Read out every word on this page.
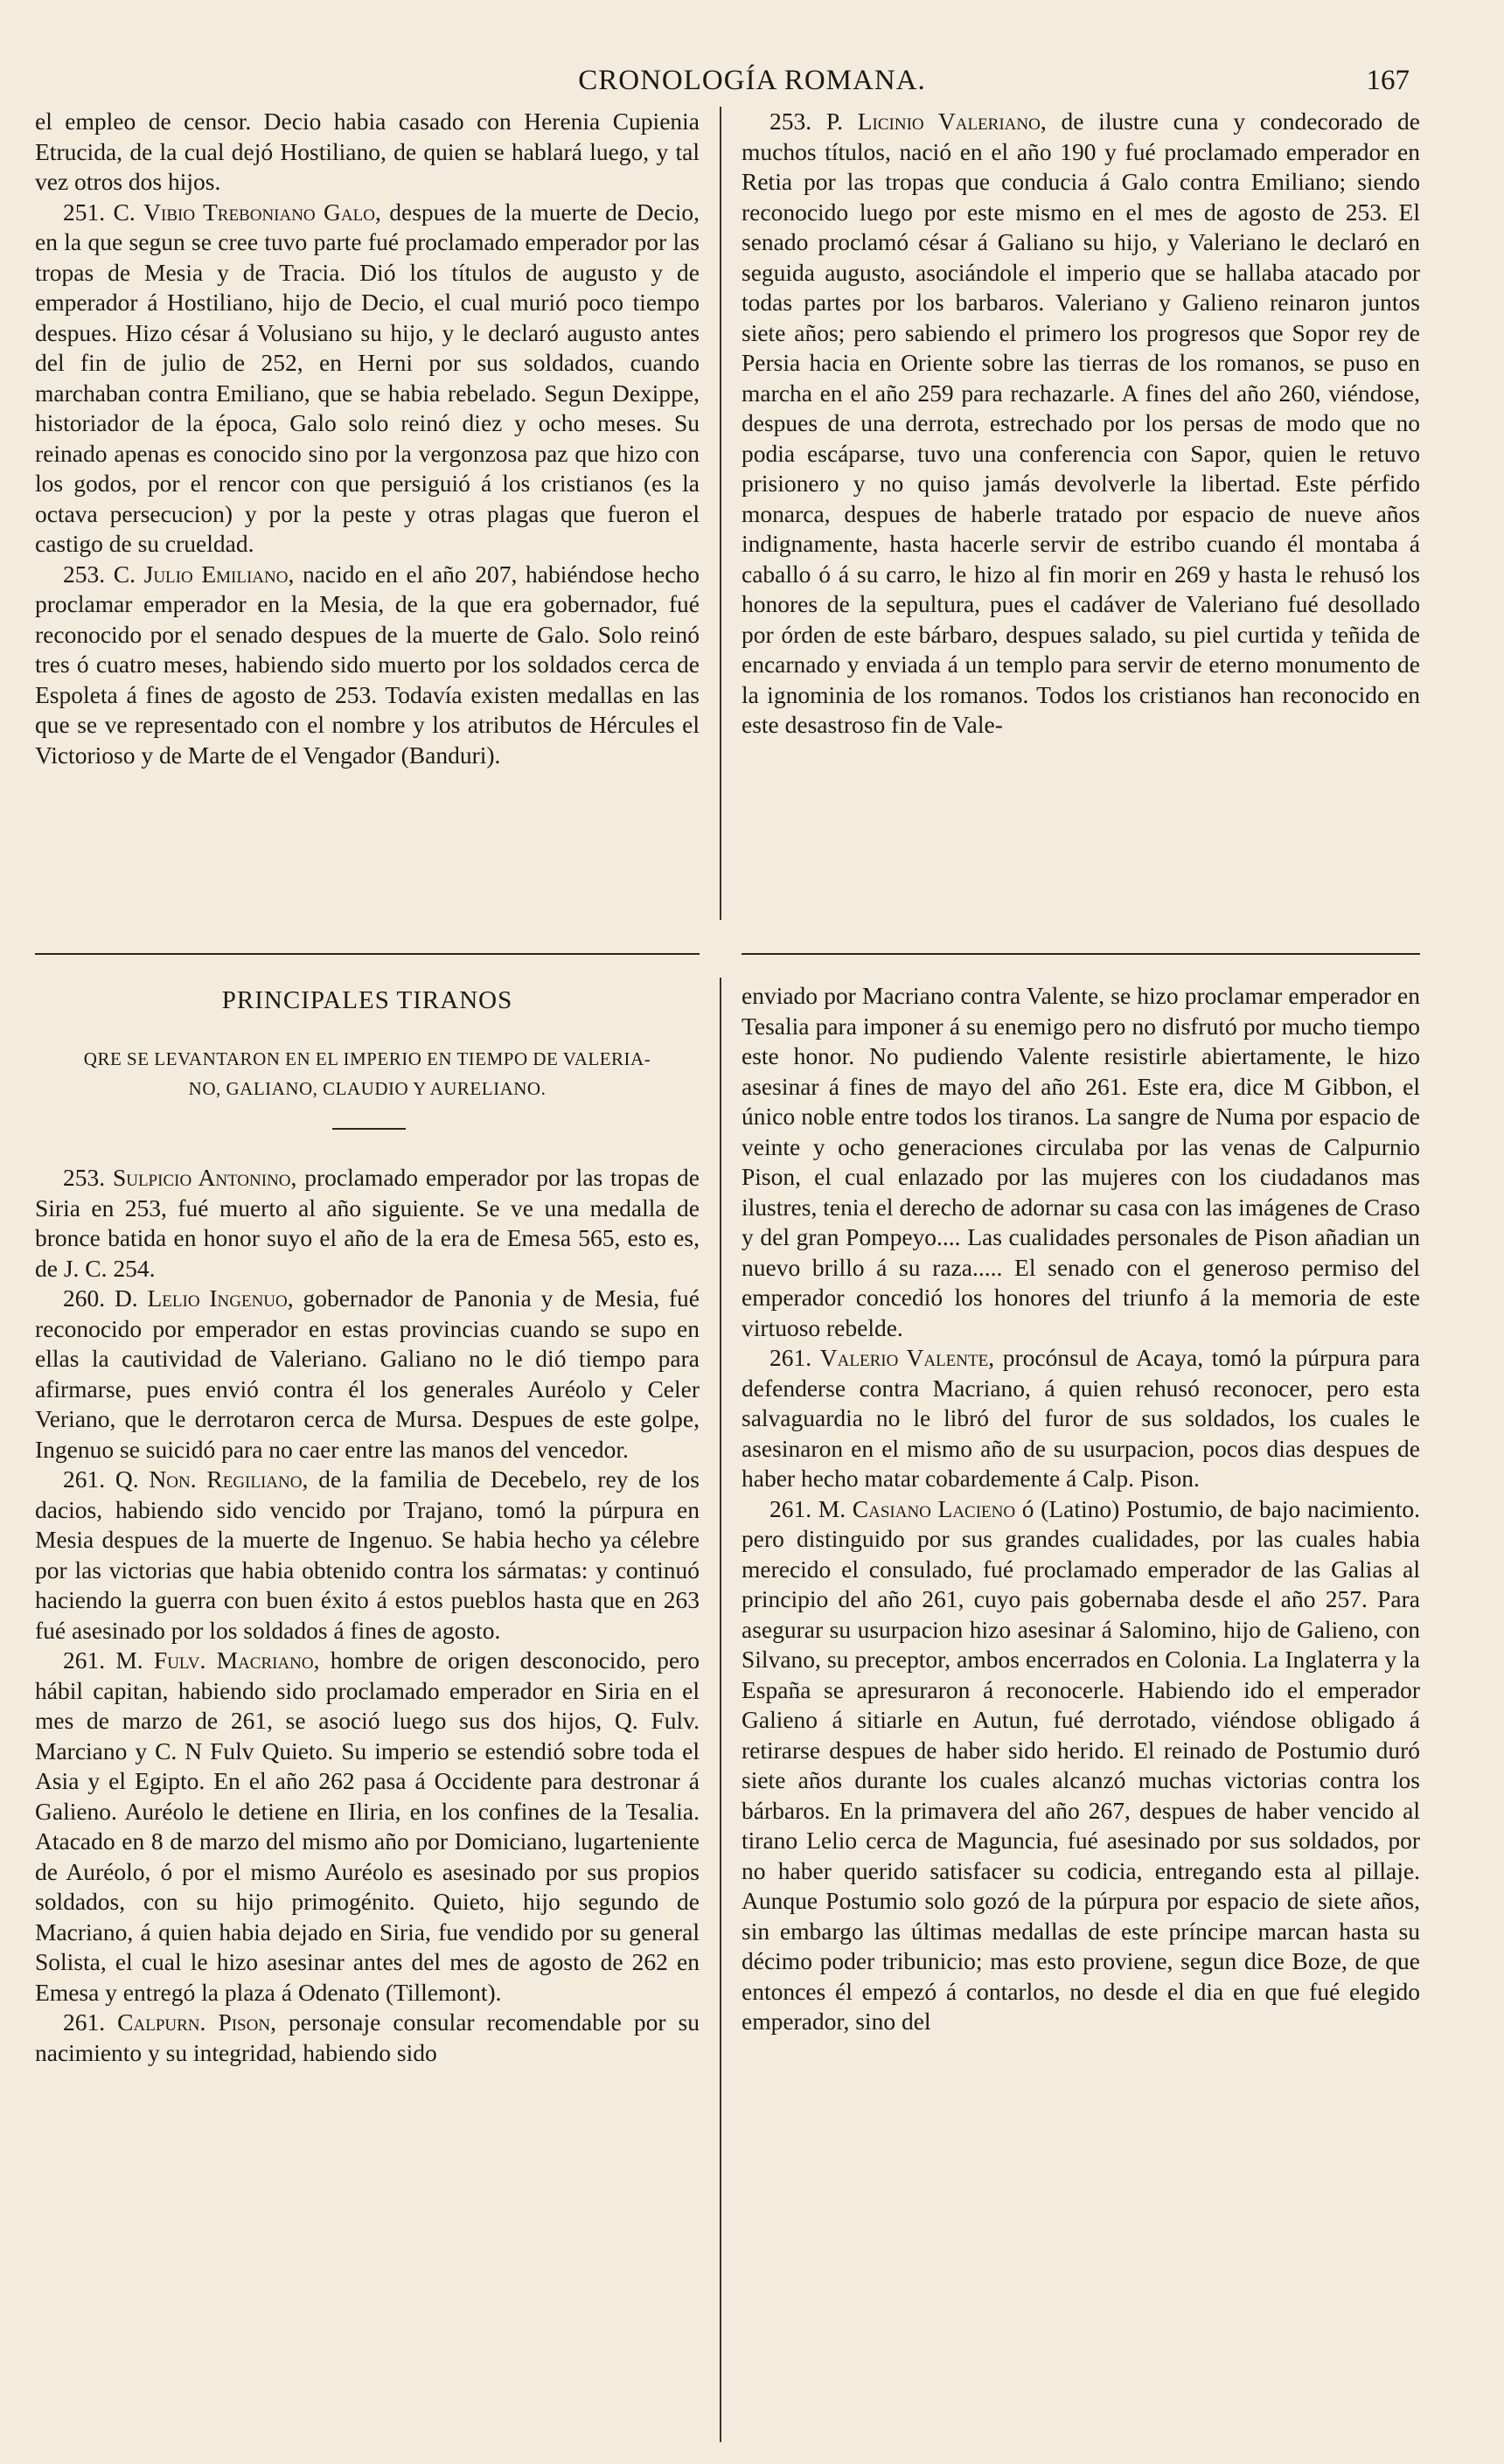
CRONOLOGÍA ROMANA.	167

el empleo de censor. Decio habia casado con Herenia Cupienia Etrucida, de la cual dejó Hostiliano, de quien se hablará luego, y tal vez otros dos hijos.

251. C. Vibio Treboniano Galo, despues de la muerte de Decio, en la que segun se cree tuvo parte fué proclamado emperador por las tropas de Mesia y de Tracia. Dió los títulos de augusto y de emperador á Hostiliano, hijo de Decio, el cual murió poco tiempo despues. Hizo césar á Volusiano su hijo, y le declaró augusto antes del fin de julio de 252, en Herni por sus soldados, cuando marchaban contra Emiliano, que se habia rebelado. Segun Dexippe, historiador de la época, Galo solo reinó diez y ocho meses. Su reinado apenas es conocido sino por la vergonzosa paz que hizo con los godos, por el rencor con que persiguió á los cristianos (es la octava persecucion) y por la peste y otras plagas que fueron el castigo de su crueldad.

253. C. Julio Emiliano, nacido en el año 207, habiéndose hecho proclamar emperador en la Mesia, de la que era gobernador, fué reconocido por el senado despues de la muerte de Galo. Solo reinó tres ó cuatro meses, habiendo sido muerto por los soldados cerca de Espoleta á fines de agosto de 253. Todavía existen medallas en las que se ve representado con el nombre y los atributos de Hércules el Victorioso y de Marte de el Vengador (Banduri).

253. P. Licinio Valeriano, de ilustre cuna y condecorado de muchos títulos, nació en el año 190 y fué proclamado emperador en Retia por las tropas que conducia á Galo contra Emiliano; siendo reconocido luego por este mismo en el mes de agosto de 253. El senado proclamó césar á Galiano su hijo, y Valeriano le declaró en seguida augusto, asociándole el imperio que se hallaba atacado por todas partes por los barbaros. Valeriano y Galieno reinaron juntos siete años; pero sabiendo el primero los progresos que Sopor rey de Persia hacia en Oriente sobre las tierras de los romanos, se puso en marcha en el año 259 para rechazarle. A fines del año 260, viéndose, despues de una derrota, estrechado por los persas de modo que no podia escáparse, tuvo una conferencia con Sapor, quien le retuvo prisionero y no quiso jamás devolverle la libertad. Este pérfido monarca, despues de haberle tratado por espacio de nueve años indignamente, hasta hacerle servir de estribo cuando él montaba á caballo ó á su carro, le hizo al fin morir en 269 y hasta le rehusó los honores de la sepultura, pues el cadáver de Valeriano fué desollado por órden de este bárbaro, despues salado, su piel curtida y teñida de encarnado y enviada á un templo para servir de eterno monumento de la ignominia de los romanos. Todos los cristianos han reconocido en este desastroso fin de Vale-

PRINCIPALES TIRANOS
QRE SE LEVANTARON EN EL IMPERIO EN TIEMPO DE VALERIA-
NO, GALIANO, CLAUDIO Y AURELIANO.

253. Sulpicio Antonino, proclamado emperador por las tropas de Siria en 253, fué muerto al año siguiente. Se ve una medalla de bronce batida en honor suyo el año de la era de Emesa 565, esto es, de J. C. 254.

260. D. Lelio Ingenuo, gobernador de Panonia y de Mesia, fué reconocido por emperador en estas provincias cuando se supo en ellas la cautividad de Valeriano. Galiano no le dió tiempo para afirmarse, pues envió contra él los generales Auréolo y Celer Veriano, que le derrotaron cerca de Mursa. Despues de este golpe, Ingenuo se suicidó para no caer entre las manos del vencedor.

261. Q. Non. Regiliano, de la familia de Decebelo, rey de los dacios, habiendo sido vencido por Trajano, tomó la púrpura en Mesia despues de la muerte de Ingenuo. Se habia hecho ya célebre por las victorias que habia obtenido contra los sármatas: y continuó haciendo la guerra con buen éxito á estos pueblos hasta que en 263 fué asesinado por los soldados á fines de agosto.

261. M. Fulv. Macriano, hombre de origen desconocido, pero hábil capitan, habiendo sido proclamado emperador en Siria en el mes de marzo de 261, se asoció luego sus dos hijos, Q. Fulv. Marciano y C. N Fulv Quieto. Su imperio se estendió sobre toda el Asia y el Egipto. En el año 262 pasa á Occidente para destronar á Galieno. Auréolo le detiene en Iliria, en los confines de la Tesalia. Atacado en 8 de marzo del mismo año por Domiciano, lugarteniente de Auréolo, ó por el mismo Auréolo es asesinado por sus propios soldados, con su hijo primogénito. Quieto, hijo segundo de Macriano, á quien habia dejado en Siria, fue vendido por su general Solista, el cual le hizo asesinar antes del mes de agosto de 262 en Emesa y entregó la plaza á Odenato (Tillemont).

261. Calpurn. Pison, personaje consular recomendable por su nacimiento y su integridad, habiendo sido

enviado por Macriano contra Valente, se hizo proclamar emperador en Tesalia para imponer á su enemigo pero no disfrutó por mucho tiempo este honor. No pudiendo Valente resistirle abiertamente, le hizo asesinar á fines de mayo del año 261. Este era, dice M Gibbon, el único noble entre todos los tiranos. La sangre de Numa por espacio de veinte y ocho generaciones circulaba por las venas de Calpurnio Pison, el cual enlazado por las mujeres con los ciudadanos mas ilustres, tenia el derecho de adornar su casa con las imágenes de Craso y del gran Pompeyo.... Las cualidades personales de Pison añadian un nuevo brillo á su raza..... El senado con el generoso permiso del emperador concedió los honores del triunfo á la memoria de este virtuoso rebelde.

261. Valerio Valente, procónsul de Acaya, tomó la púrpura para defenderse contra Macriano, á quien rehusó reconocer, pero esta salvaguardia no le libró del furor de sus soldados, los cuales le asesinaron en el mismo año de su usurpacion, pocos dias despues de haber hecho matar cobardemente á Calp. Pison.

261. M. Casiano Lacieno ó (Latino) Postumio, de bajo nacimiento. pero distinguido por sus grandes cualidades, por las cuales habia merecido el consulado, fué proclamado emperador de las Galias al principio del año 261, cuyo pais gobernaba desde el año 257. Para asegurar su usurpacion hizo asesinar á Salomino, hijo de Galieno, con Silvano, su preceptor, ambos encerrados en Colonia. La Inglaterra y la España se apresuraron á reconocerle. Habiendo ido el emperador Galieno á sitiarle en Autun, fué derrotado, viéndose obligado á retirarse despues de haber sido herido. El reinado de Postumio duró siete años durante los cuales alcanzó muchas victorias contra los bárbaros. En la primavera del año 267, despues de haber vencido al tirano Lelio cerca de Maguncia, fué asesinado por sus soldados, por no haber querido satisfacer su codicia, entregando esta al pillaje. Aunque Postumio solo gozó de la púrpura por espacio de siete años, sin embargo las últimas medallas de este príncipe marcan hasta su décimo poder tribunicio; mas esto proviene, segun dice Boze, de que entonces él empezó á contarlos, no desde el dia en que fué elegido emperador, sino del
